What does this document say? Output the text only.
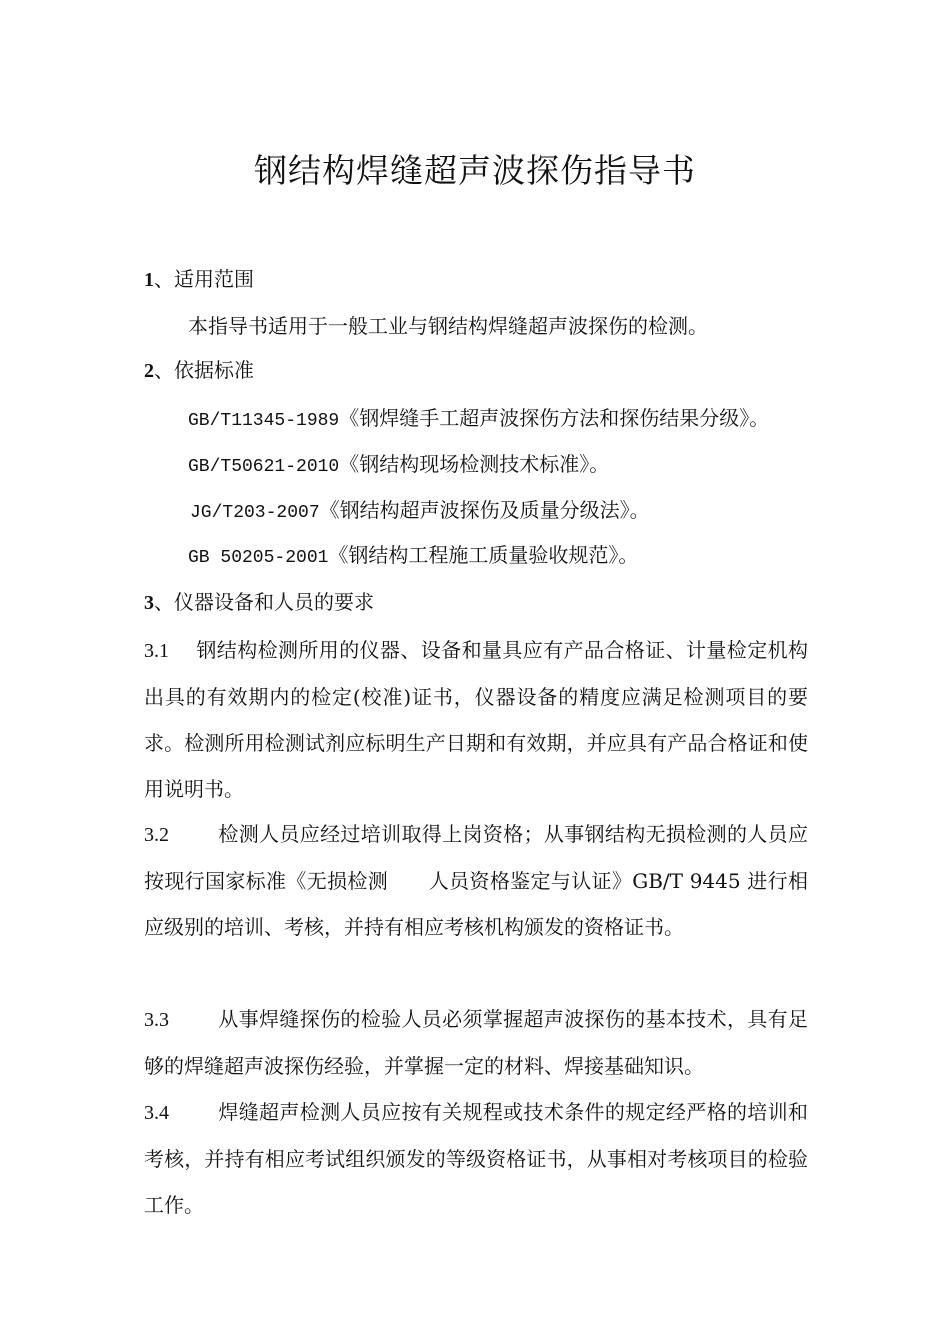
钢结构焊缝超声波探伤指导书

1、适用范围

本指导书适用于一般工业与钢结构焊缝超声波探伤的检测。

2、依据标准

GB/T11345-1989《钢焊缝手工超声波探伤方法和探伤结果分级》。

GB/T50621-2010《钢结构现场检测技术标准》。

JG/T203-2007《钢结构超声波探伤及质量分级法》。

GB 50205-2001《钢结构工程施工质量验收规范》。

3、仪器设备和人员的要求

3.1 钢结构检测所用的仪器、设备和量具应有产品合格证、计量检定机构出具的有效期内的检定(校准)证书，仪器设备的精度应满足检测项目的要求。检测所用检测试剂应标明生产日期和有效期，并应具有产品合格证和使用说明书。

3.2 检测人员应经过培训取得上岗资格；从事钢结构无损检测的人员应按现行国家标准《无损检测　　人员资格鉴定与认证》GB/T 9445 进行相应级别的培训、考核，并持有相应考核机构颁发的资格证书。

3.3 从事焊缝探伤的检验人员必须掌握超声波探伤的基本技术，具有足够的焊缝超声波探伤经验，并掌握一定的材料、焊接基础知识。

3.4 焊缝超声检测人员应按有关规程或技术条件的规定经严格的培训和考核，并持有相应考试组织颁发的等级资格证书，从事相对考核项目的检验工作。
